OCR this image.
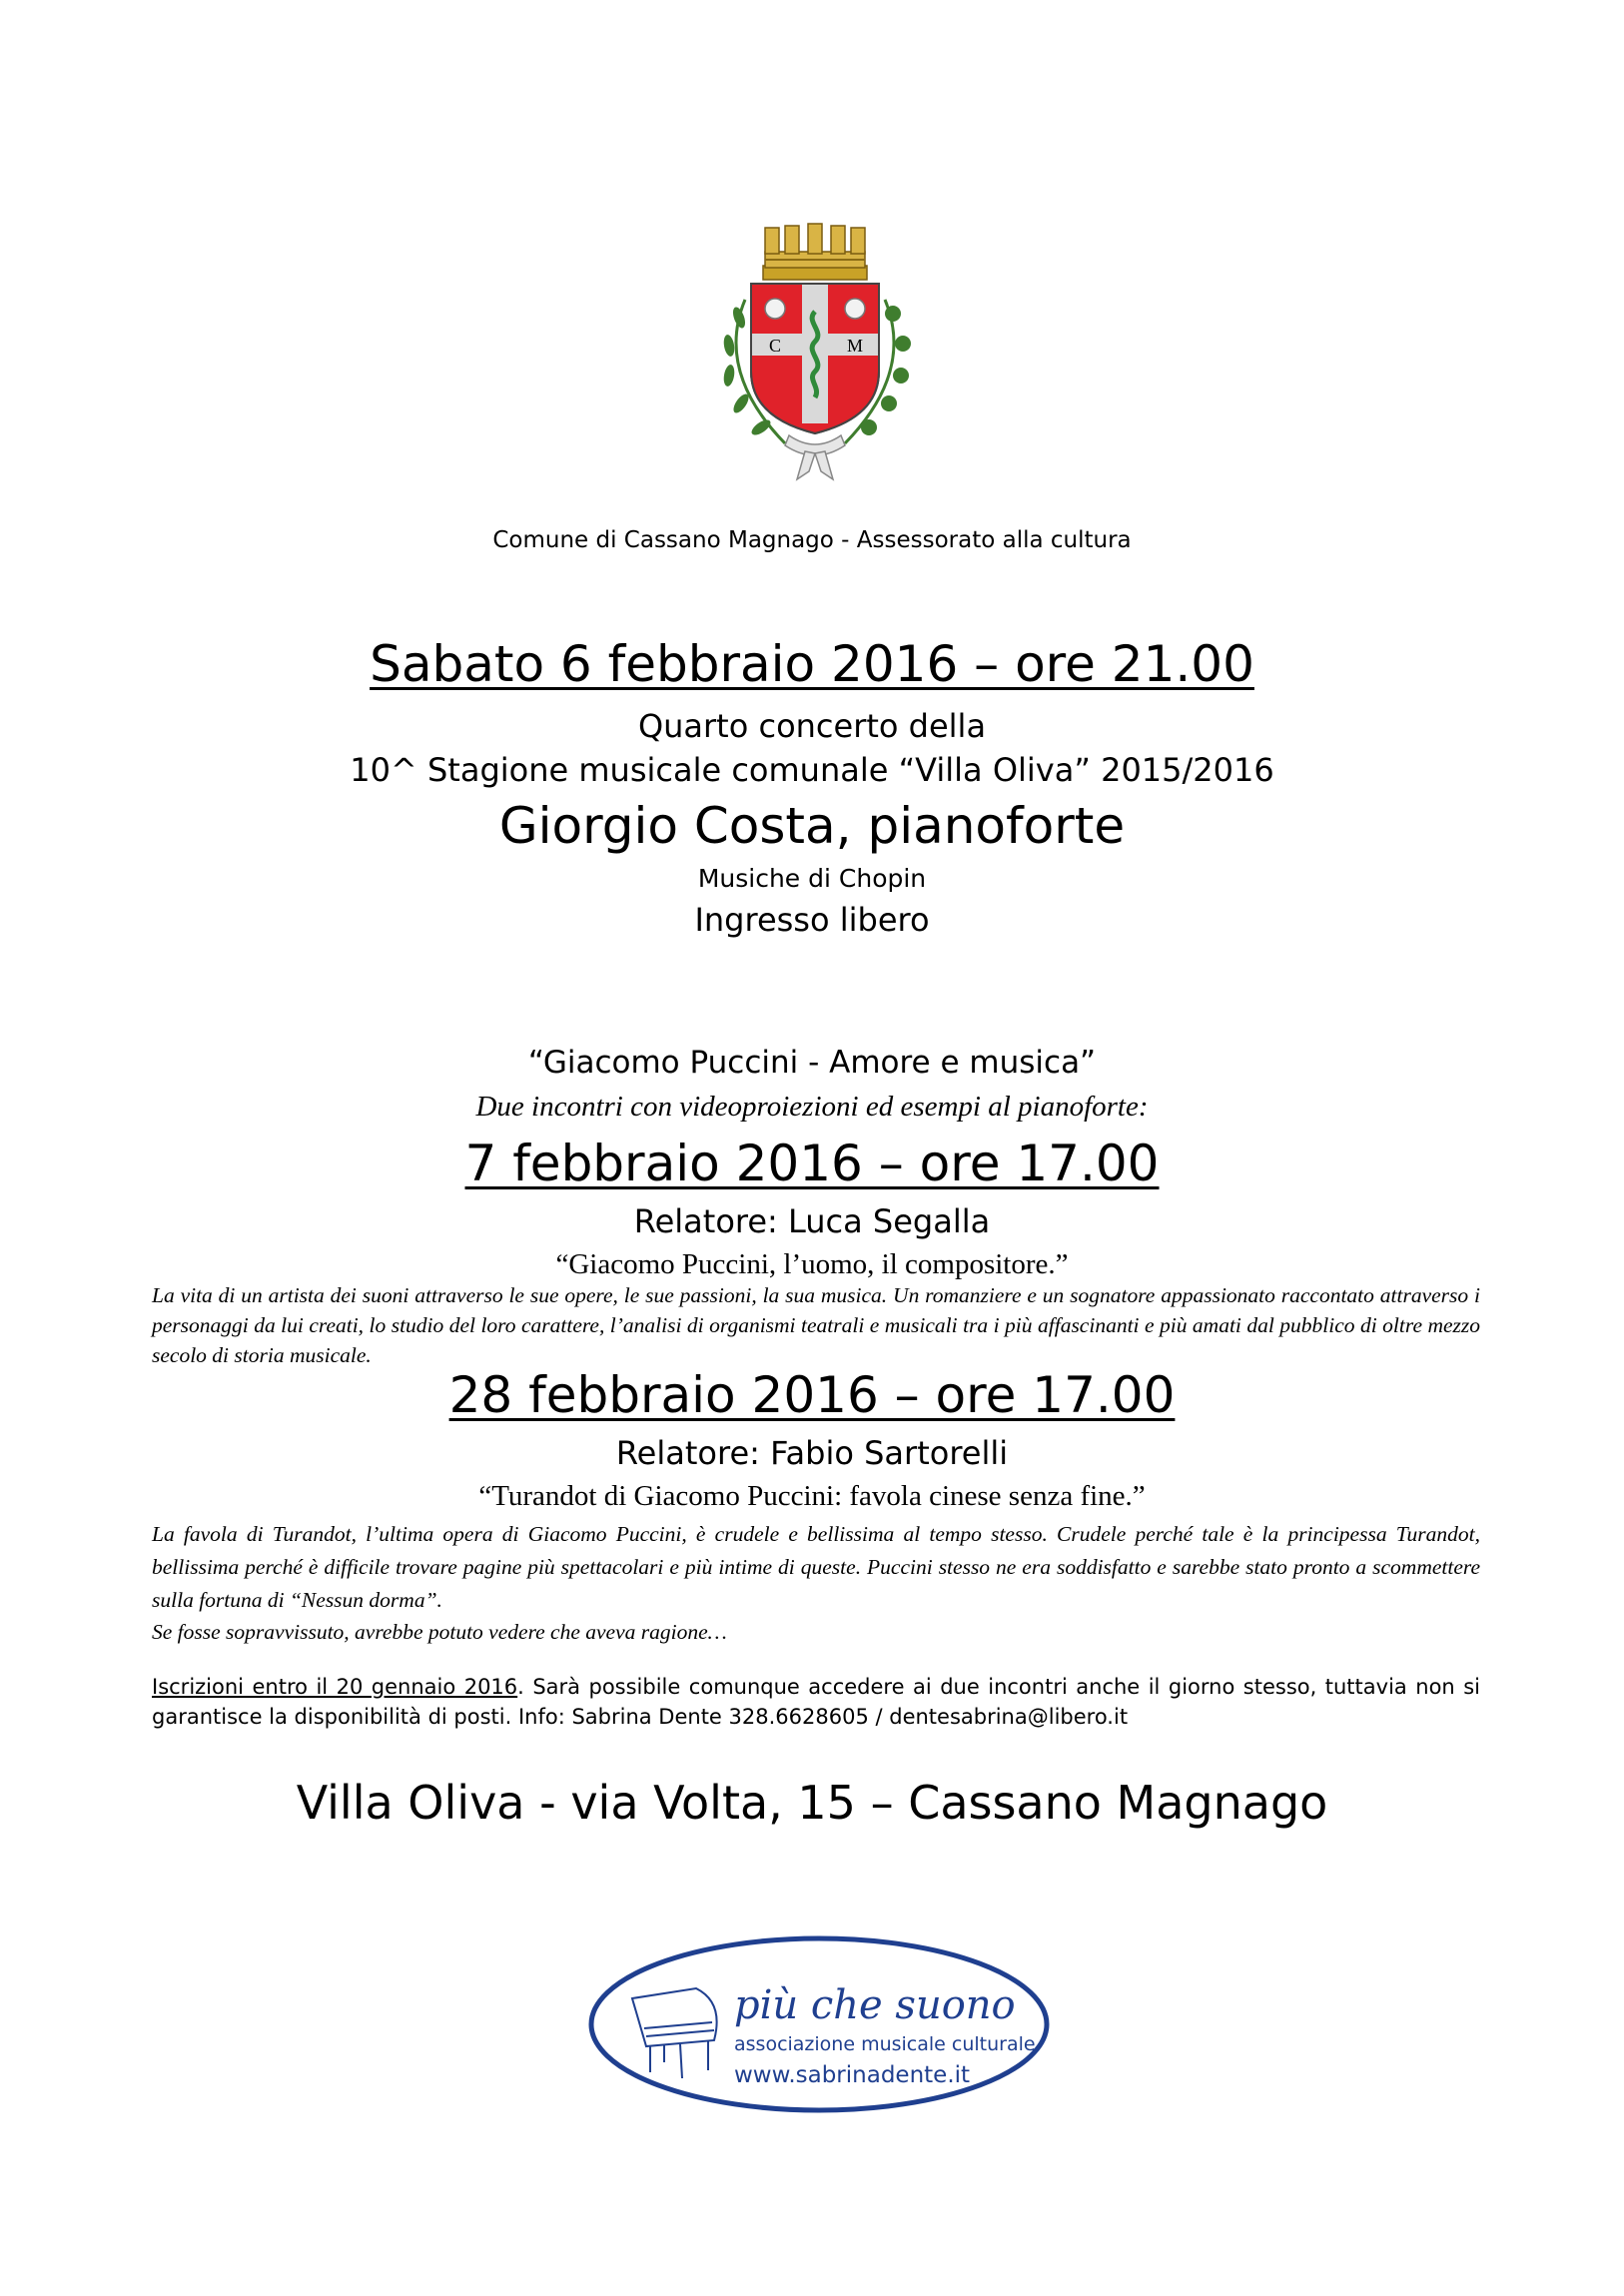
C	M
Comune di Cassano Magnago - Assessorato alla cultura
Sabato 6 febbraio 2016 – ore 21.00
Quarto concerto della
10^ Stagione musicale comunale “Villa Oliva” 2015/2016
Giorgio Costa, pianoforte
Musiche di Chopin
Ingresso libero
“Giacomo Puccini - Amore e musica”
Due incontri con videoproiezioni ed esempi al pianoforte:
7 febbraio 2016 – ore 17.00
Relatore: Luca Segalla
“Giacomo Puccini, l’uomo, il compositore.”
La vita di un artista dei suoni attraverso le sue opere, le sue passioni, la sua musica. Un romanziere e un sognatore appassionato raccontato attraverso i personaggi da lui creati, lo studio del loro carattere, l’analisi di organismi teatrali e musicali tra i più affascinanti e più amati dal pubblico di oltre mezzo secolo di storia musicale.
28 febbraio 2016 – ore 17.00
Relatore: Fabio Sartorelli
“Turandot di Giacomo Puccini: favola cinese senza fine.”
La favola di Turandot, l’ultima opera di Giacomo Puccini, è crudele e bellissima al tempo stesso. Crudele perché tale è la principessa Turandot, bellissima perché è difficile trovare pagine più spettacolari e più intime di queste. Puccini stesso ne era soddisfatto e sarebbe stato pronto a scommettere sulla fortuna di “Nessun dorma”.
Se fosse sopravvissuto, avrebbe potuto vedere che aveva ragione…
Iscrizioni entro il 20 gennaio 2016. Sarà possibile comunque accedere ai due incontri anche il giorno stesso, tuttavia non si garantisce la disponibilità di posti. Info: Sabrina Dente 328.6628605 / dentesabrina@libero.it
Villa Oliva - via Volta, 15 – Cassano Magnago
più che suono
associazione musicale culturale
www.sabrinadente.it
